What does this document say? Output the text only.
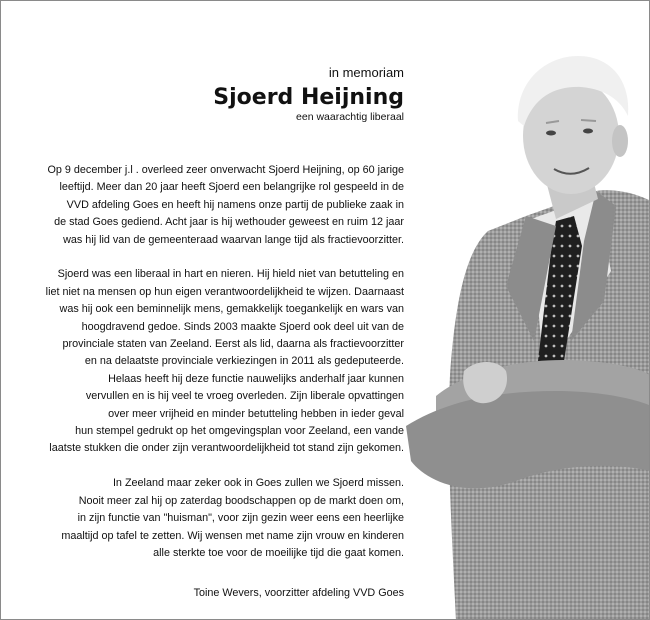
in memoriam
Sjoerd Heijning
een waarachtig liberaal

Op 9 december j.l . overleed zeer onverwacht Sjoerd Heijning, op 60 jarige
leeftijd. Meer dan 20 jaar heeft Sjoerd een belangrijke rol gespeeld in de
VVD afdeling Goes en heeft hij namens onze partij de publieke zaak in
de stad Goes gediend. Acht jaar is hij wethouder geweest en ruim 12 jaar
was hij lid van de gemeenteraad waarvan lange tijd als fractievoorzitter.

Sjoerd was een liberaal in hart en nieren. Hij hield niet van betutteling en
liet niet na mensen op hun eigen verantwoordelijkheid te wijzen. Daarnaast
was hij ook een beminnelijk mens, gemakkelijk toegankelijk en wars van
hoogdravend gedoe. Sinds 2003 maakte Sjoerd ook deel uit van de
provinciale staten van Zeeland. Eerst als lid, daarna als fractievoorzitter
en na delaatste provinciale verkiezingen in 2011 als gedeputeerde.
Helaas heeft hij deze functie nauwelijks anderhalf jaar kunnen
vervullen en is hij veel te vroeg overleden. Zijn liberale opvattingen
over meer vrijheid en minder betutteling hebben in ieder geval
hun stempel gedrukt op het omgevingsplan voor Zeeland, een vande
laatste stukken die onder zijn verantwoordelijkheid tot stand zijn gekomen.

In Zeeland maar zeker ook in Goes zullen we Sjoerd missen.
Nooit meer zal hij op zaterdag boodschappen op de markt doen om,
in zijn functie van "huisman", voor zijn gezin weer eens een heerlijke
maaltijd op tafel te zetten. Wij wensen met name zijn vrouw en kinderen
alle sterkte toe voor de moeilijke tijd die gaat komen.

Toine Wevers, voorzitter afdeling VVD Goes
